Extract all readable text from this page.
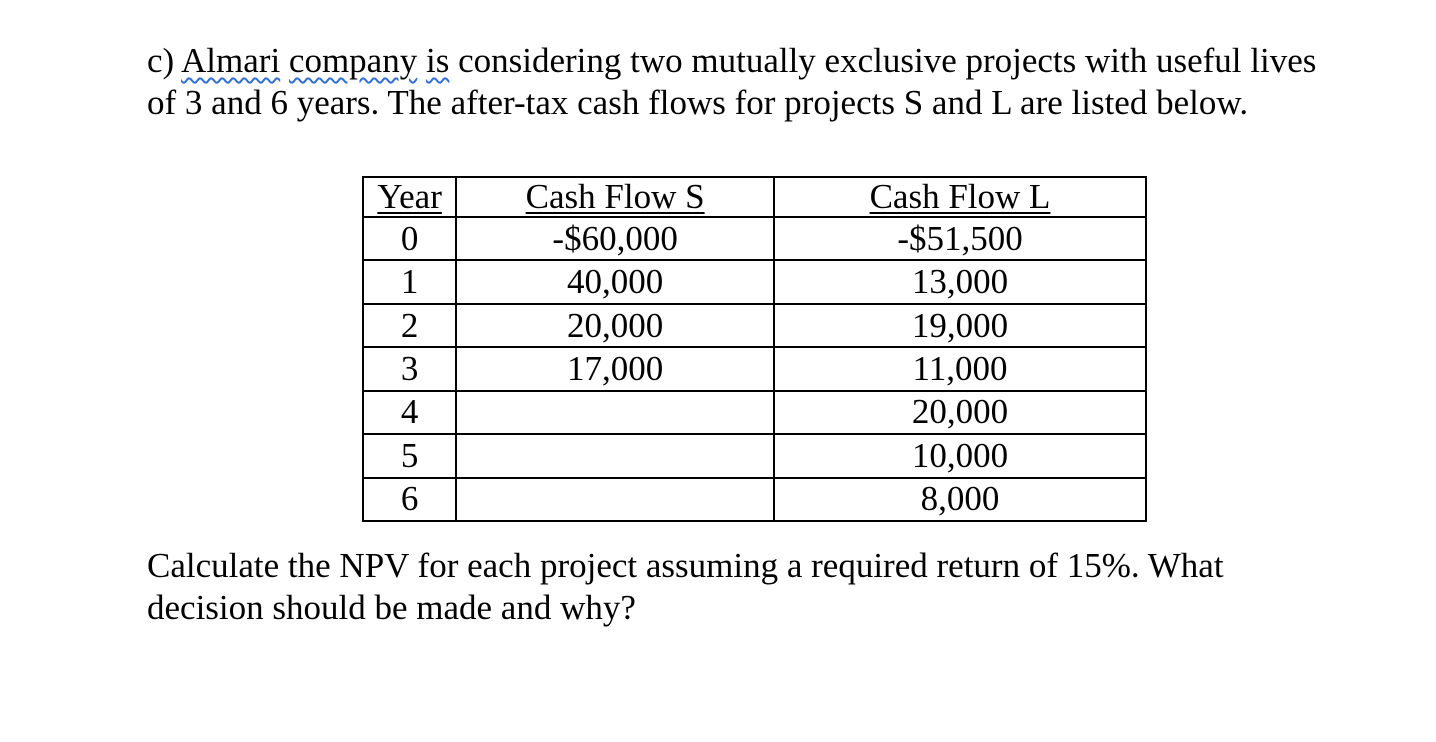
c) Almari company is considering two mutually exclusive projects with useful lives of 3 and 6 years. The after-tax cash flows for projects S and L are listed below.
Year	Cash Flow S	Cash Flow L
0	-$60,000	-$51,500
1	40,000	13,000
2	20,000	19,000
3	17,000	11,000
4		20,000
5		10,000
6		8,000
Calculate the NPV for each project assuming a required return of 15%. What decision should be made and why?
